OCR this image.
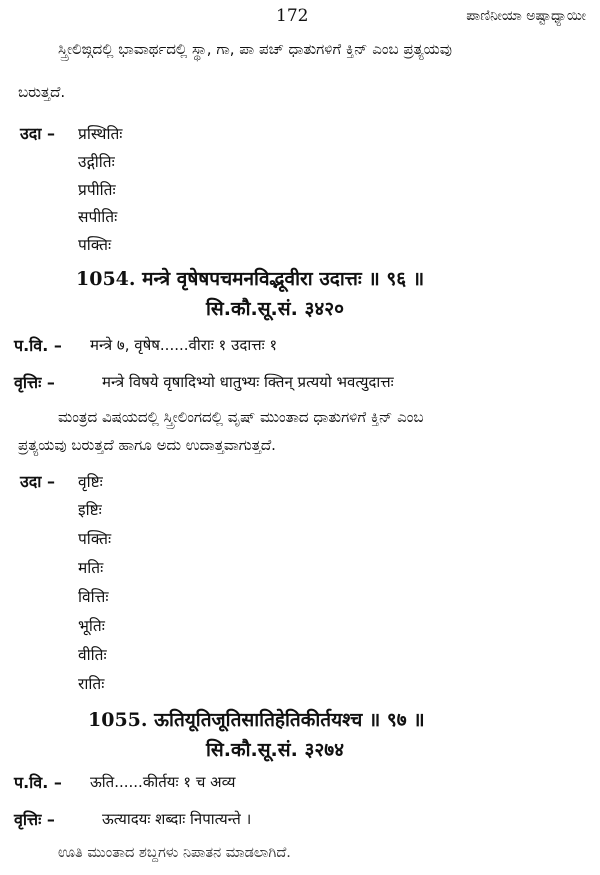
172	ಪಾಣಿನೀಯಾ ಅಷ್ಟಾಧ್ಯಾಯೀ
ಸ್ತ್ರೀಲಿಙ್ಗದಲ್ಲಿ ಭಾವಾರ್ಥದಲ್ಲಿ ಸ್ಥಾ, ಗಾ, ಪಾ ಪಚ್ ಧಾತುಗಳಿಗೆ ಕ್ತಿನ್ ಎಂಬ ಪ್ರತ್ಯಯವು
ಬರುತ್ತದೆ.
उदा – प्रस्थितिः
उद्गीतिः
प्रपीतिः
सपीतिः
पक्तिः
1054. मन्त्रे वृषेषपचमनविद्भूवीरा उदात्तः ॥ ९६ ॥
सि.कौ.सू.सं. ३४२०
प.वि. – मन्त्रे ७, वृषेष......वीराः १ उदात्तः १
वृत्तिः –	मन्त्रे विषये वृषादिभ्यो धातुभ्यः क्तिन् प्रत्ययो भवत्युदात्तः
ಮಂತ್ರದ ವಿಷಯದಲ್ಲಿ ಸ್ತ್ರೀಲಿಂಗದಲ್ಲಿ ವೃಷ್ ಮುಂತಾದ ಧಾತುಗಳಿಗೆ ಕ್ತಿನ್ ಎಂಬ
ಪ್ರತ್ಯಯವು ಬರುತ್ತದೆ ಹಾಗೂ ಅದು ಉದಾತ್ತವಾಗುತ್ತದೆ.
उदा – वृष्टिः
इष्टिः
पक्तिः
मतिः
वित्तिः
भूतिः
वीतिः
रातिः
1055. ऊतियूतिजूतिसातिहेतिकीर्तयश्च ॥ ९७ ॥
सि.कौ.सू.सं. ३२७४
प.वि. – ऊति......कीर्तयः १ च अव्य
वृत्तिः –	ऊत्यादयः शब्दाः निपात्यन्ते ।
ಊತಿ ಮುಂತಾದ ಶಬ್ದಗಳು ನಿಪಾತನ ಮಾಡಲಾಗಿದೆ.
